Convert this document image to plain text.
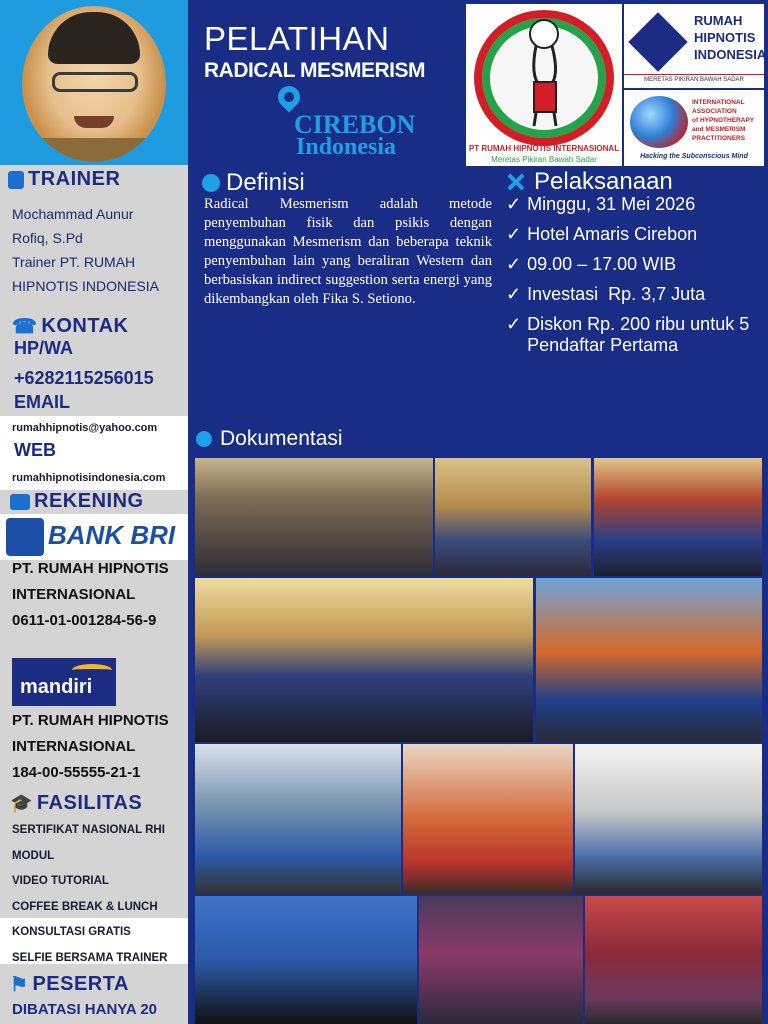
TRAINER
Mochammad Aunur
Rofiq, S.Pd
Trainer PT. RUMAH
HIPNOTIS INDONESIA
☎ KONTAK
HP/WA
+6282115256015
EMAIL
rumahhipnotis@yahoo.com
WEB
rumahhipnotisindonesia.com
REKENING
BANK BRI
PT. RUMAH HIPNOTIS
INTERNASIONAL
0611-01-001284-56-9
mandiri
PT. RUMAH HIPNOTIS
INTERNASIONAL
184-00-55555-21-1
🎓 FASILITAS
SERTIFIKAT NASIONAL RHI
MODUL
VIDEO TUTORIAL
COFFEE BREAK & LUNCH
KONSULTASI GRATIS
SELFIE BERSAMA TRAINER
⚑ PESERTA
DIBATASI HANYA 20
PELATIHAN
RADICAL MESMERISM
CIREBON
Indonesia	PT RUMAH HIPNOTIS INTERNASIONAL
Meretas Pikiran Bawah Sadar
RUMAH
HIPNOTIS
INDONESIA
MERETAS PIKIRAN BAWAH SADAR
INTERNATIONAL
ASSOCIATION
of HYPNOTHERAPY
and MESMERISM
PRACTITIONERS
Hacking the Subconscious Mind
Definisi
Radical Mesmerism adalah metode penyembuhan fisik dan psikis dengan menggunakan Mesmerism dan beberapa teknik penyembuhan lain yang beraliran Western dan berbasiskan indirect suggestion serta energi yang dikembangkan oleh Fika S. Setiono.
Pelaksanaan
✓ Minggu, 31 Mei 2026
✓ Hotel Amaris Cirebon
✓ 09.00 – 17.00 WIB
✓ Investasi  Rp. 3,7 Juta
✓ Diskon Rp. 200 ribu untuk 5 Pendaftar Pertama
Dokumentasi
